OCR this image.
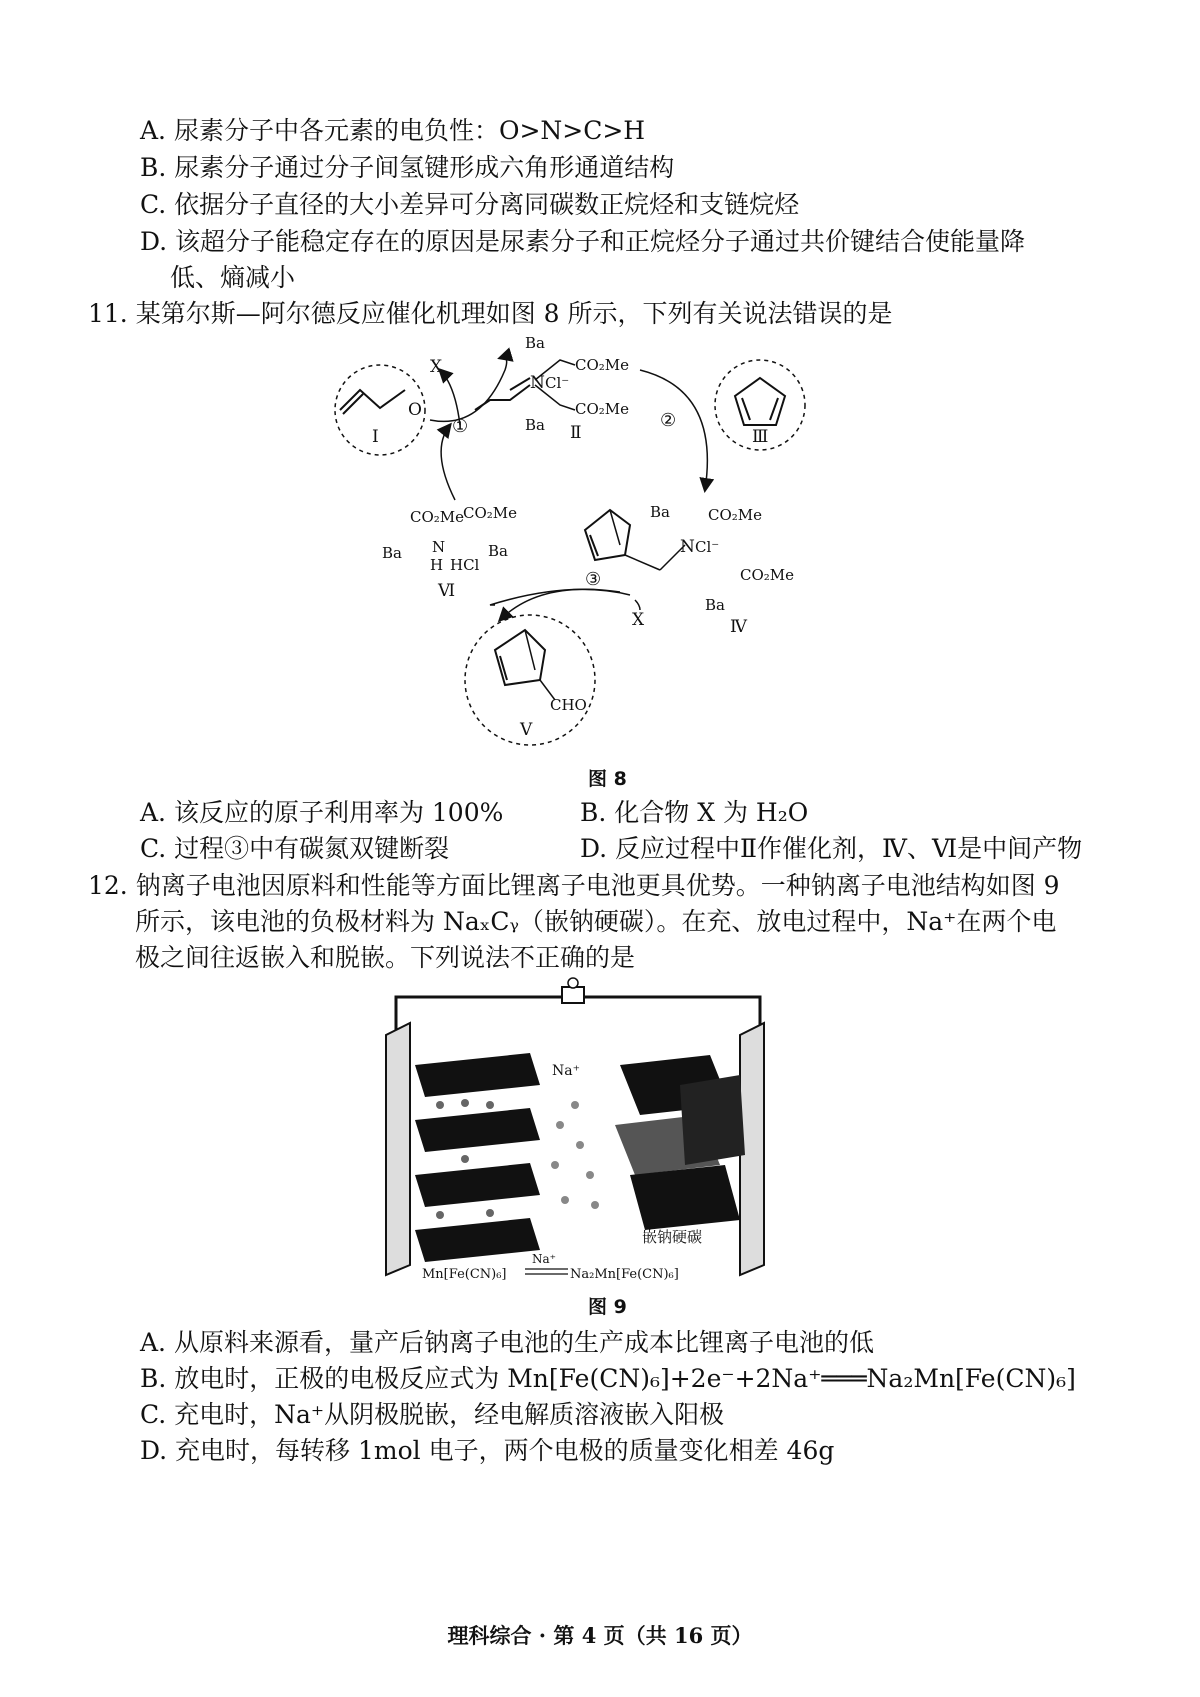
A. 尿素分子中各元素的电负性：O>N>C>H
B. 尿素分子通过分子间氢键形成六角形通道结构
C. 依据分子直径的大小差异可分离同碳数正烷烃和支链烷烃
D. 该超分子能稳定存在的原因是尿素分子和正烷烃分子通过共价键结合使能量降
低、熵减小
11. 某第尔斯—阿尔德反应催化机理如图 8 所示，下列有关说法错误的是
O
Ⅰ
X
①
N Cl⁻
Ba
CO₂Me
CO₂Me
Ba Ⅱ	Ⅲ
②
Ba	CO₂Me
N Cl⁻
CO₂Me
Ba
Ⅳ
③
CO₂Me
CO₂Me
Ba N
H HCl
Ba
Ⅵ
X
CHO
Ⅴ
图 8
A. 该反应的原子利用率为 100%	B. 化合物 X 为 H₂O
C. 过程③中有碳氮双键断裂	D. 反应过程中Ⅱ作催化剂，Ⅳ、Ⅵ是中间产物
12. 钠离子电池因原料和性能等方面比锂离子电池更具优势。一种钠离子电池结构如图 9
所示，该电池的负极材料为 NaₓCᵧ（嵌钠硬碳）。在充、放电过程中，Na⁺在两个电
极之间往返嵌入和脱嵌。下列说法不正确的是
Na⁺
嵌钠硬碳
Mn[Fe(CN)₆]
Na⁺
Na₂Mn[Fe(CN)₆]
图 9
A. 从原料来源看，量产后钠离子电池的生产成本比锂离子电池的低
B. 放电时，正极的电极反应式为 Mn[Fe(CN)₆]+2e⁻+2Na⁺═══Na₂Mn[Fe(CN)₆]
C. 充电时，Na⁺从阴极脱嵌，经电解质溶液嵌入阳极
D. 充电时，每转移 1mol 电子，两个电极的质量变化相差 46g
理科综合 · 第 4 页（共 16 页）
